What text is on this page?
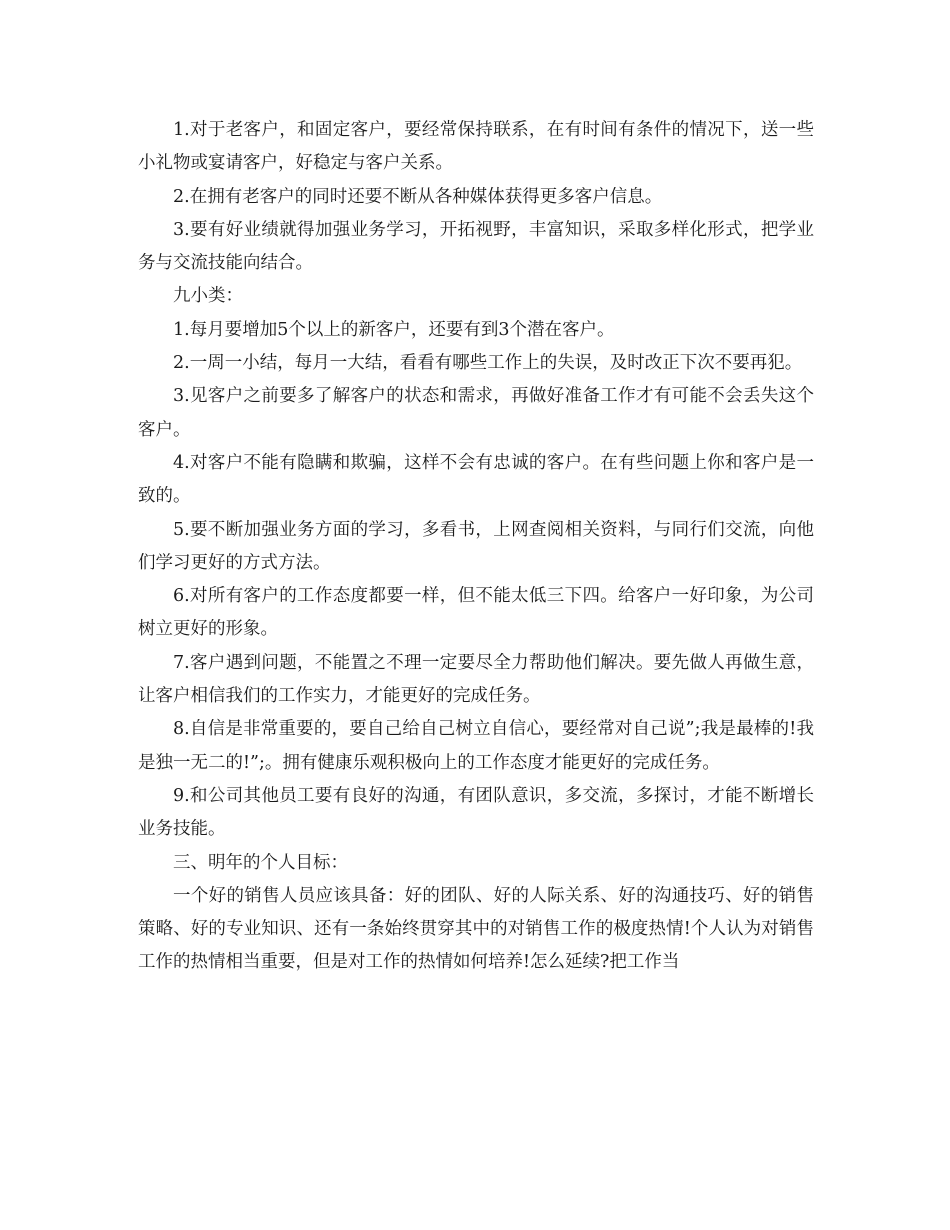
1.对于老客户，和固定客户，要经常保持联系，在有时间有条件的情况下，送一些小礼物或宴请客户，好稳定与客户关系。

2.在拥有老客户的同时还要不断从各种媒体获得更多客户信息。

3.要有好业绩就得加强业务学习，开拓视野，丰富知识，采取多样化形式，把学业务与交流技能向结合。

九小类：

1.每月要增加5个以上的新客户，还要有到3个潜在客户。

2.一周一小结，每月一大结，看看有哪些工作上的失误，及时改正下次不要再犯。

3.见客户之前要多了解客户的状态和需求，再做好准备工作才有可能不会丢失这个客户。

4.对客户不能有隐瞒和欺骗，这样不会有忠诚的客户。在有些问题上你和客户是一致的。

5.要不断加强业务方面的学习，多看书，上网查阅相关资料，与同行们交流，向他们学习更好的方式方法。

6.对所有客户的工作态度都要一样，但不能太低三下四。给客户一好印象，为公司树立更好的形象。

7.客户遇到问题，不能置之不理一定要尽全力帮助他们解决。要先做人再做生意，让客户相信我们的工作实力，才能更好的完成任务。

8.自信是非常重要的，要自己给自己树立自信心，要经常对自己说”;我是最棒的!我是独一无二的!”;。拥有健康乐观积极向上的工作态度才能更好的完成任务。

9.和公司其他员工要有良好的沟通，有团队意识，多交流，多探讨，才能不断增长业务技能。

三、明年的个人目标：

一个好的销售人员应该具备：好的团队、好的人际关系、好的沟通技巧、好的销售策略、好的专业知识、还有一条始终贯穿其中的对销售工作的极度热情!个人认为对销售工作的热情相当重要，但是对工作的热情如何培养!怎么延续?把工作当
